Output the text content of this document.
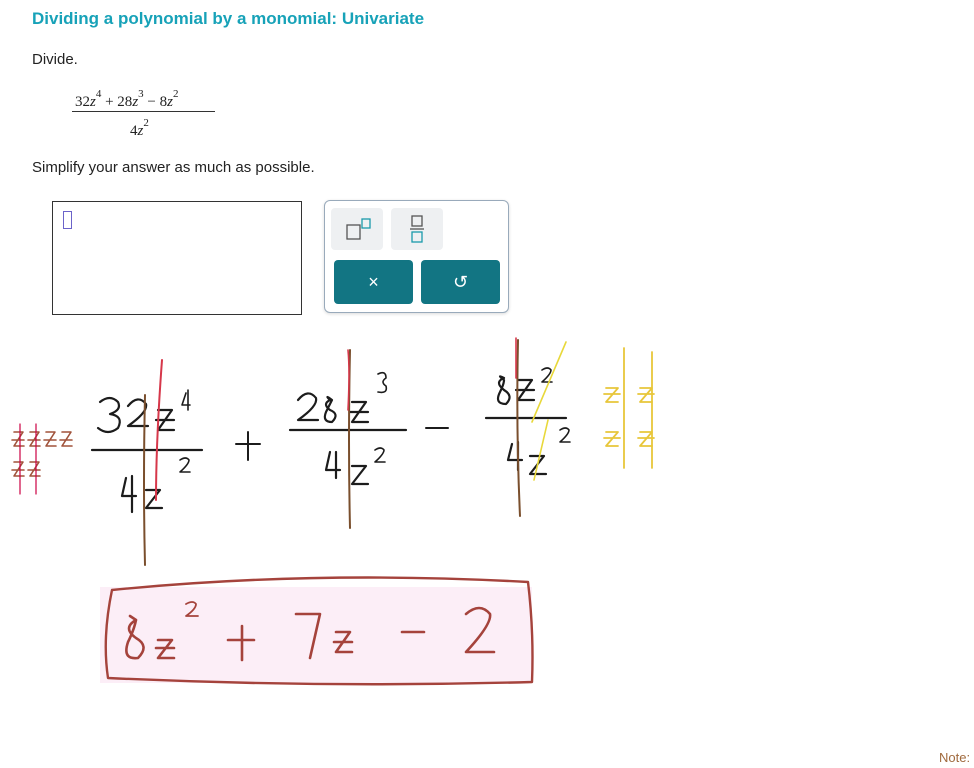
Dividing a polynomial by a monomial: Univariate
Divide.
$32z^4 + 28z^3 - 8z^2$
$4z^2$
Simplify your answer as much as possible.
×	↺
Note:
